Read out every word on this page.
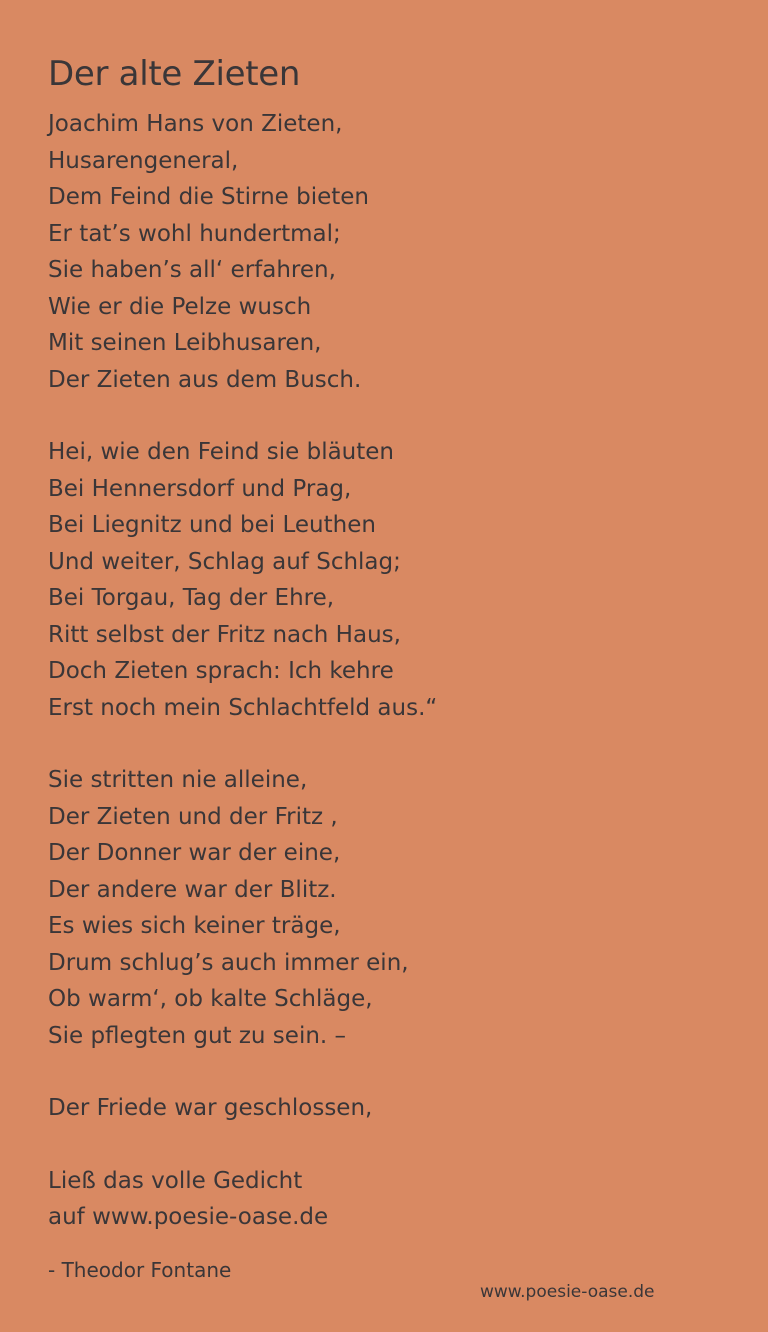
Der alte Zieten
Joachim Hans von Zieten,
Husarengeneral,
Dem Feind die Stirne bieten
Er tat’s wohl hundertmal;
Sie haben’s all‘ erfahren,
Wie er die Pelze wusch
Mit seinen Leibhusaren,
Der Zieten aus dem Busch.
Hei, wie den Feind sie bläuten
Bei Hennersdorf und Prag,
Bei Liegnitz und bei Leuthen
Und weiter, Schlag auf Schlag;
Bei Torgau, Tag der Ehre,
Ritt selbst der Fritz nach Haus,
Doch Zieten sprach: Ich kehre
Erst noch mein Schlachtfeld aus.“
Sie stritten nie alleine,
Der Zieten und der Fritz ,
Der Donner war der eine,
Der andere war der Blitz.
Es wies sich keiner träge,
Drum schlug’s auch immer ein,
Ob warm‘, ob kalte Schläge,
Sie pflegten gut zu sein. –
Der Friede war geschlossen,
Ließ das volle Gedicht
auf www.poesie-oase.de
- Theodor Fontane
www.poesie-oase.de
